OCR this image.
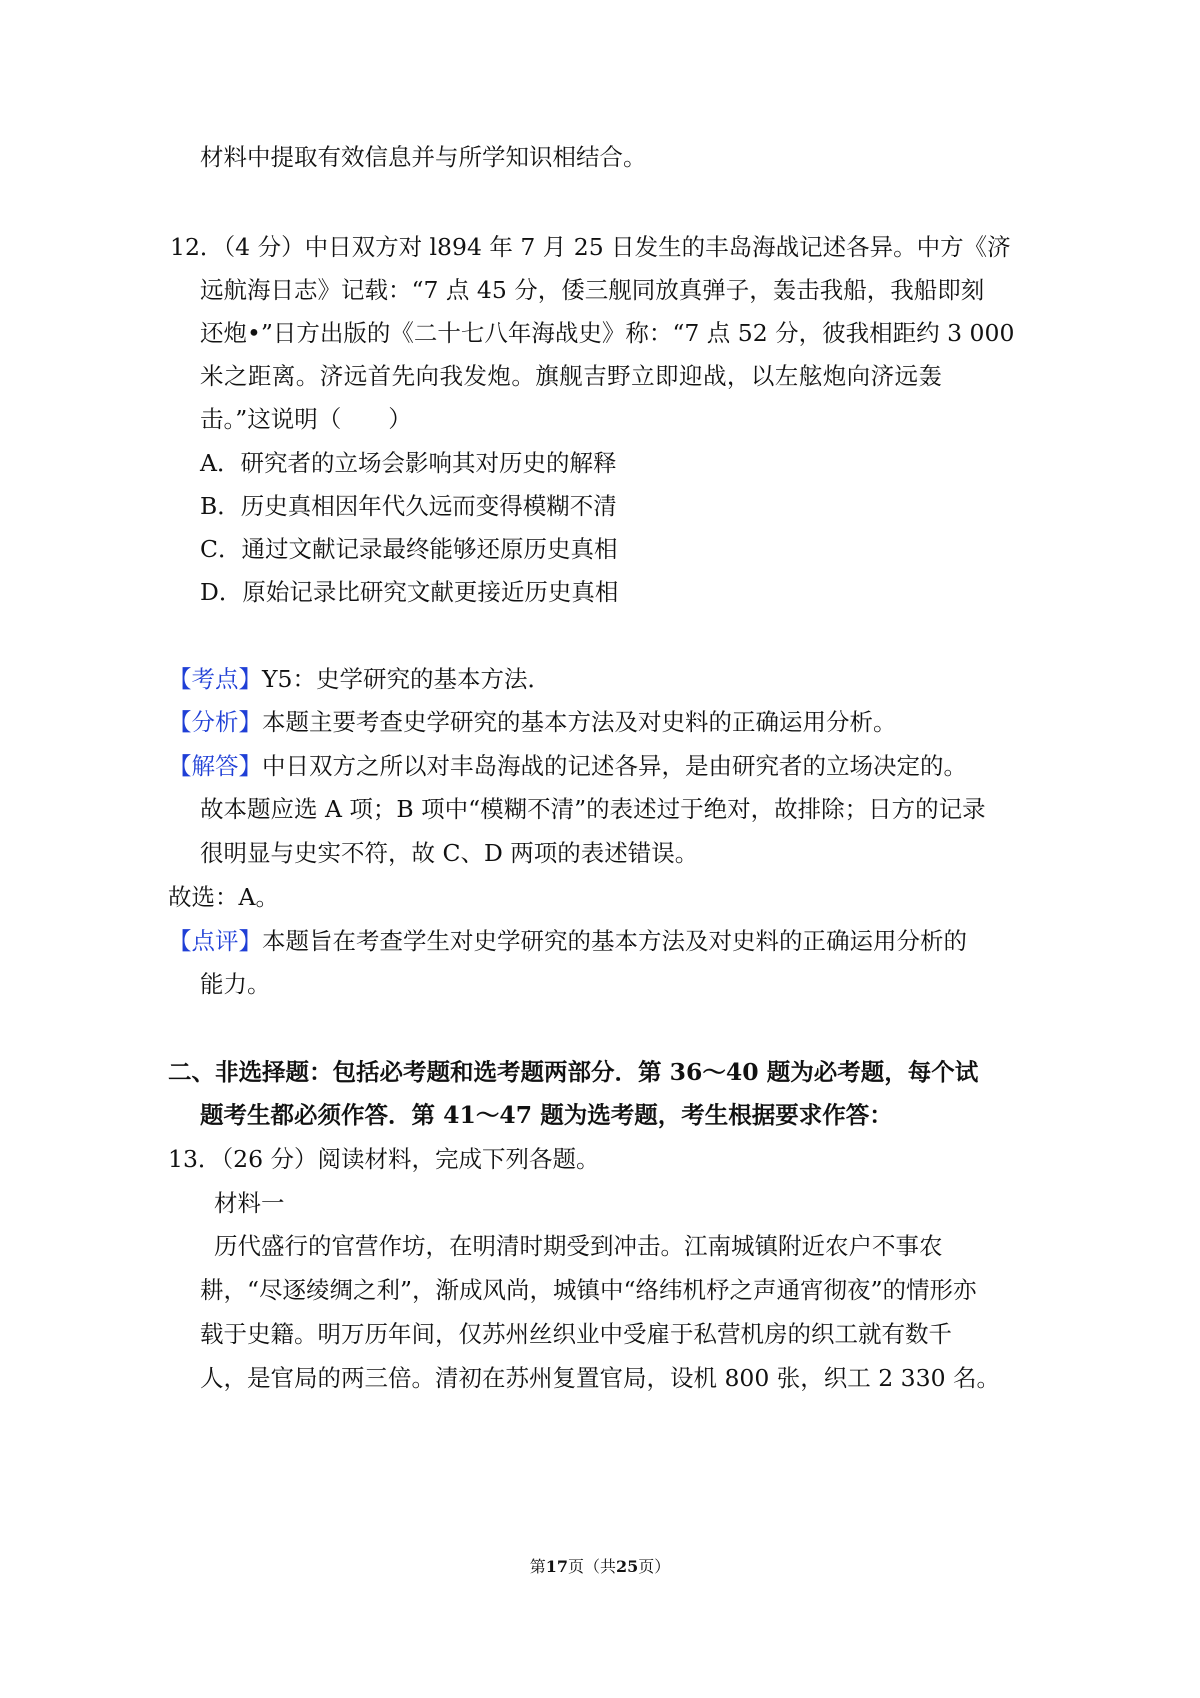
材料中提取有效信息并与所学知识相结合。
12．（4 分）中日双方对 l894 年 7 月 25 日发生的丰岛海战记述各异。中方《济
远航海日志》记载：“7 点 45 分，倭三舰同放真弹子，轰击我船，我船即刻
还炮•”日方出版的《二十七八年海战史》称：“7 点 52 分，彼我相距约 3 000
米之距离。济远首先向我发炮。旗舰吉野立即迎战，以左舷炮向济远轰
击。”这说明（　　）
A．研究者的立场会影响其对历史的解释
B．历史真相因年代久远而变得模糊不清
C．通过文献记录最终能够还原历史真相
D．原始记录比研究文献更接近历史真相
【考点】Y5：史学研究的基本方法．
【分析】本题主要考查史学研究的基本方法及对史料的正确运用分析。
【解答】中日双方之所以对丰岛海战的记述各异，是由研究者的立场决定的。
故本题应选 A 项；B 项中“模糊不清”的表述过于绝对，故排除；日方的记录
很明显与史实不符，故 C、D 两项的表述错误。
故选：A。
【点评】本题旨在考查学生对史学研究的基本方法及对史料的正确运用分析的
能力。
二、非选择题：包括必考题和选考题两部分．第 36～40 题为必考题，每个试
题考生都必须作答．第 41～47 题为选考题，考生根据要求作答：
13．（26 分）阅读材料，完成下列各题。
材料一
历代盛行的官营作坊，在明清时期受到冲击。江南城镇附近农户不事农
耕，“尽逐绫绸之利”，渐成风尚，城镇中“络纬机杼之声通宵彻夜”的情形亦
载于史籍。明万历年间，仅苏州丝织业中受雇于私营机房的织工就有数千
人，是官局的两三倍。清初在苏州复置官局，设机 800 张，织工 2 330 名。
第17页（共25页）
